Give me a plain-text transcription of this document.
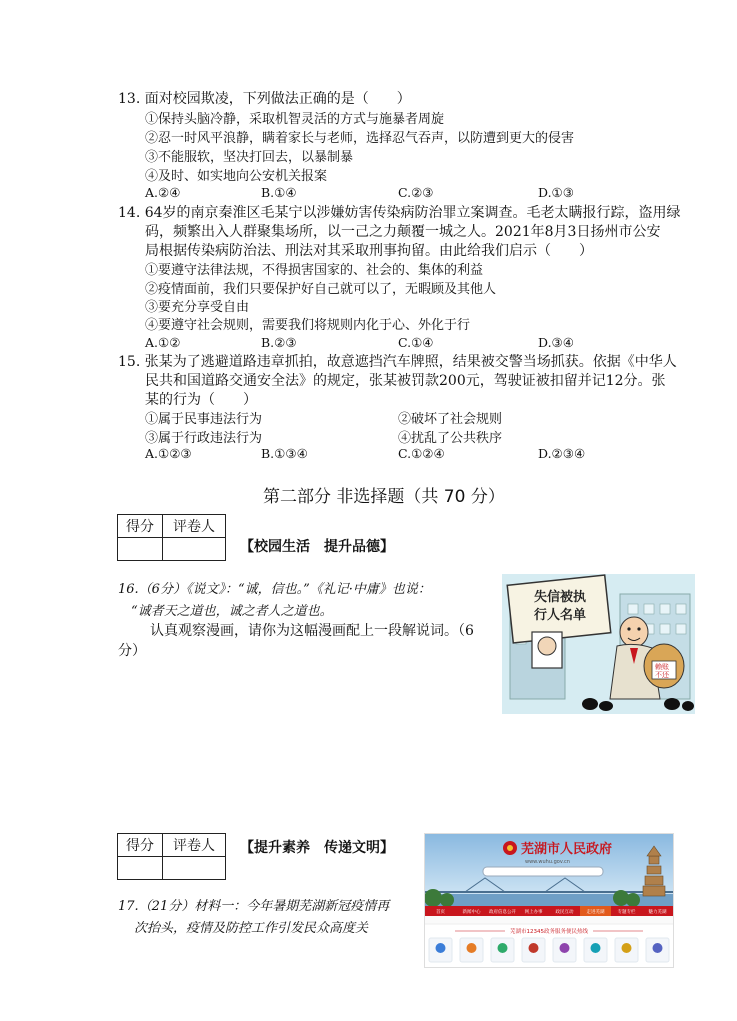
13. 面对校园欺凌，下列做法正确的是（　　）
①保持头脑冷静，采取机智灵活的方式与施暴者周旋
②忍一时风平浪静，瞒着家长与老师，选择忍气吞声，以防遭到更大的侵害
③不能服软，坚决打回去，以暴制暴
④及时、如实地向公安机关报案
A.②④	B.①④	C.②③	D.①③
14. 64岁的南京秦淮区毛某宁以涉嫌妨害传染病防治罪立案调查。毛老太瞒报行踪，盗用绿
码，频繁出入人群聚集场所，以一己之力颠覆一城之人。2021年8月3日扬州市公安
局根据传染病防治法、刑法对其采取刑事拘留。由此给我们启示（　　）
①要遵守法律法规，不得损害国家的、社会的、集体的利益
②疫情面前，我们只要保护好自己就可以了，无暇顾及其他人
③要充分享受自由
④要遵守社会规则，需要我们将规则内化于心、外化于行
A.①②	B.②③	C.①④	D.③④
15. 张某为了逃避道路违章抓拍，故意遮挡汽车牌照，结果被交警当场抓获。依据《中华人
民共和国道路交通安全法》的规定，张某被罚款200元，驾驶证被扣留并记12分。张
某的行为（　　）
①属于民事违法行为	②破坏了社会规则
③属于行政违法行为	④扰乱了公共秩序
A.①②③	B.①③④	C.①②④	D.②③④
第二部分 非选择题（共 70 分）
得分	评卷人

【校园生活　提升品德】
16.（6分）《说文》：“诚，信也。”《礼记·中庸》也说：
“诚者天之道也，诚之者人之道也。
认真观察漫画，请你为这幅漫画配上一段解说词。（6
分）
失信被执
行人名单
赖账
不还
得分	评卷人
	【提升素养　传递文明】
17.（21分）材料一：今年暑期芜湖新冠疫情再
次抬头，疫情及防控工作引发民众高度关
芜湖市人民政府
www.wuhu.gov.cn
首页	新闻中心 政府信息公开 网上办事	政民互动	走进芜湖	专题专栏	魅力芜湖
芜湖市12345政务服务便民热线
